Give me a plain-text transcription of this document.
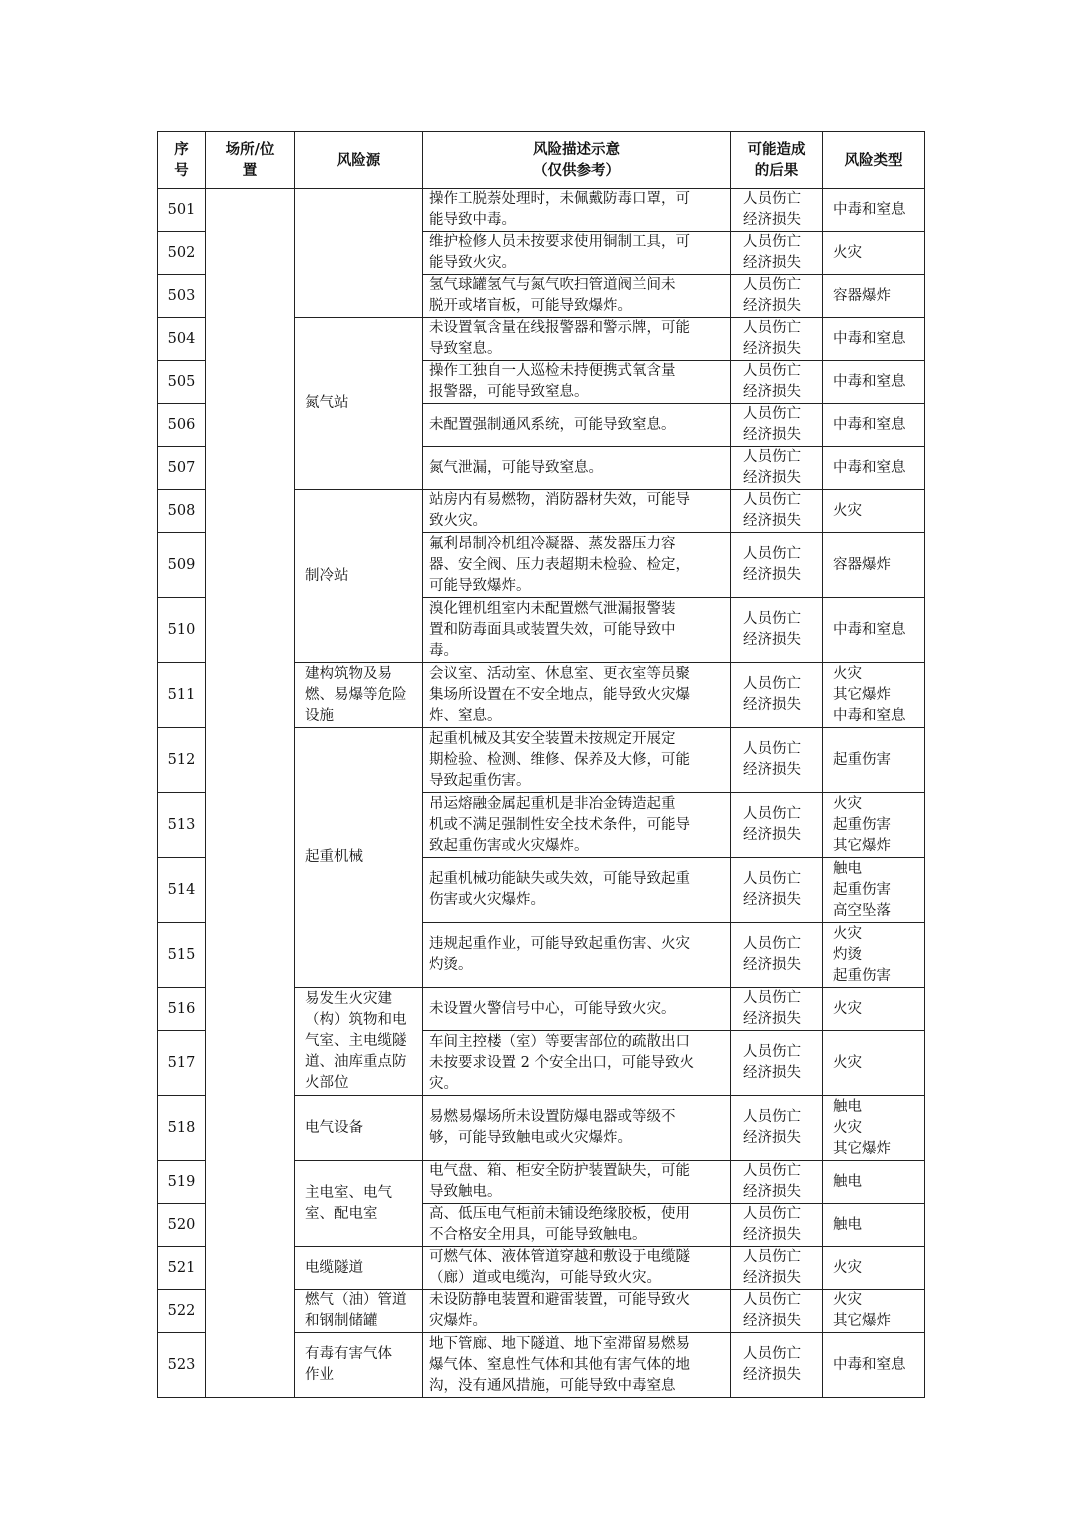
序
号	场所/位
置	风险源	风险描述示意
（仅供参考）	可能造成
的后果	风险类型
501			操作工脱萘处理时，未佩戴防毒口罩，可
能导致中毒。	人员伤亡
经济损失	中毒和窒息

502			维护检修人员未按要求使用铜制工具，可
能导致火灾。	人员伤亡
经济损失	火灾

503			氢气球罐氢气与氮气吹扫管道阀兰间未
脱开或堵盲板，可能导致爆炸。	人员伤亡
经济损失	容器爆炸

504		氮气站	未设置氧含量在线报警器和警示牌，可能
导致窒息。	人员伤亡
经济损失	中毒和窒息

505			操作工独自一人巡检未持便携式氧含量
报警器，可能导致窒息。	人员伤亡
经济损失	中毒和窒息

506			未配置强制通风系统，可能导致窒息。	人员伤亡
经济损失	中毒和窒息

507			氮气泄漏，可能导致窒息。	人员伤亡
经济损失	中毒和窒息

508		制冷站	站房内有易燃物，消防器材失效，可能导
致火灾。	人员伤亡
经济损失	火灾

509			氟利昂制冷机组冷凝器、蒸发器压力容
器、安全阀、压力表超期未检验、检定，
可能导致爆炸。	人员伤亡
经济损失	容器爆炸

510			溴化锂机组室内未配置燃气泄漏报警装
置和防毒面具或装置失效，可能导致中
毒。	人员伤亡
经济损失	中毒和窒息

511		建构筑物及易
燃、易爆等危险
设施	会议室、活动室、休息室、更衣室等员聚
集场所设置在不安全地点，能导致火灾爆
炸、窒息。	人员伤亡
经济损失	火灾
其它爆炸
中毒和窒息

512		起重机械	起重机械及其安全装置未按规定开展定
期检验、检测、维修、保养及大修，可能
导致起重伤害。	人员伤亡
经济损失	起重伤害

513			吊运熔融金属起重机是非冶金铸造起重
机或不满足强制性安全技术条件，可能导
致起重伤害或火灾爆炸。	人员伤亡
经济损失	火灾
起重伤害
其它爆炸

514			起重机械功能缺失或失效，可能导致起重
伤害或火灾爆炸。	人员伤亡
经济损失	触电
起重伤害
高空坠落

515			违规起重作业，可能导致起重伤害、火灾
灼烫。	人员伤亡
经济损失	火灾
灼烫
起重伤害

516		易发生火灾建
（构）筑物和电
气室、主电缆隧
道、油库重点防
火部位	未设置火警信号中心，可能导致火灾。	人员伤亡
经济损失	火灾

517			车间主控楼（室）等要害部位的疏散出口
未按要求设置 2 个安全出口，可能导致火
灾。	人员伤亡
经济损失	火灾

518		电气设备	易燃易爆场所未设置防爆电器或等级不
够，可能导致触电或火灾爆炸。	人员伤亡
经济损失	触电
火灾
其它爆炸

519		主电室、电气
室、配电室	电气盘、箱、柜安全防护装置缺失，可能
导致触电。	人员伤亡
经济损失	触电

520			高、低压电气柜前未铺设绝缘胶板，使用
不合格安全用具，可能导致触电。	人员伤亡
经济损失	触电

521		电缆隧道	可燃气体、液体管道穿越和敷设于电缆隧
（廊）道或电缆沟，可能导致火灾。	人员伤亡
经济损失	火灾

522		燃气（油）管道
和钢制储罐	未设防静电装置和避雷装置，可能导致火
灾爆炸。	人员伤亡
经济损失	火灾
其它爆炸

523		有毒有害气体
作业	地下管廊、地下隧道、地下室滞留易燃易
爆气体、窒息性气体和其他有害气体的地
沟，没有通风措施，可能导致中毒窒息	人员伤亡
经济损失	中毒和窒息
